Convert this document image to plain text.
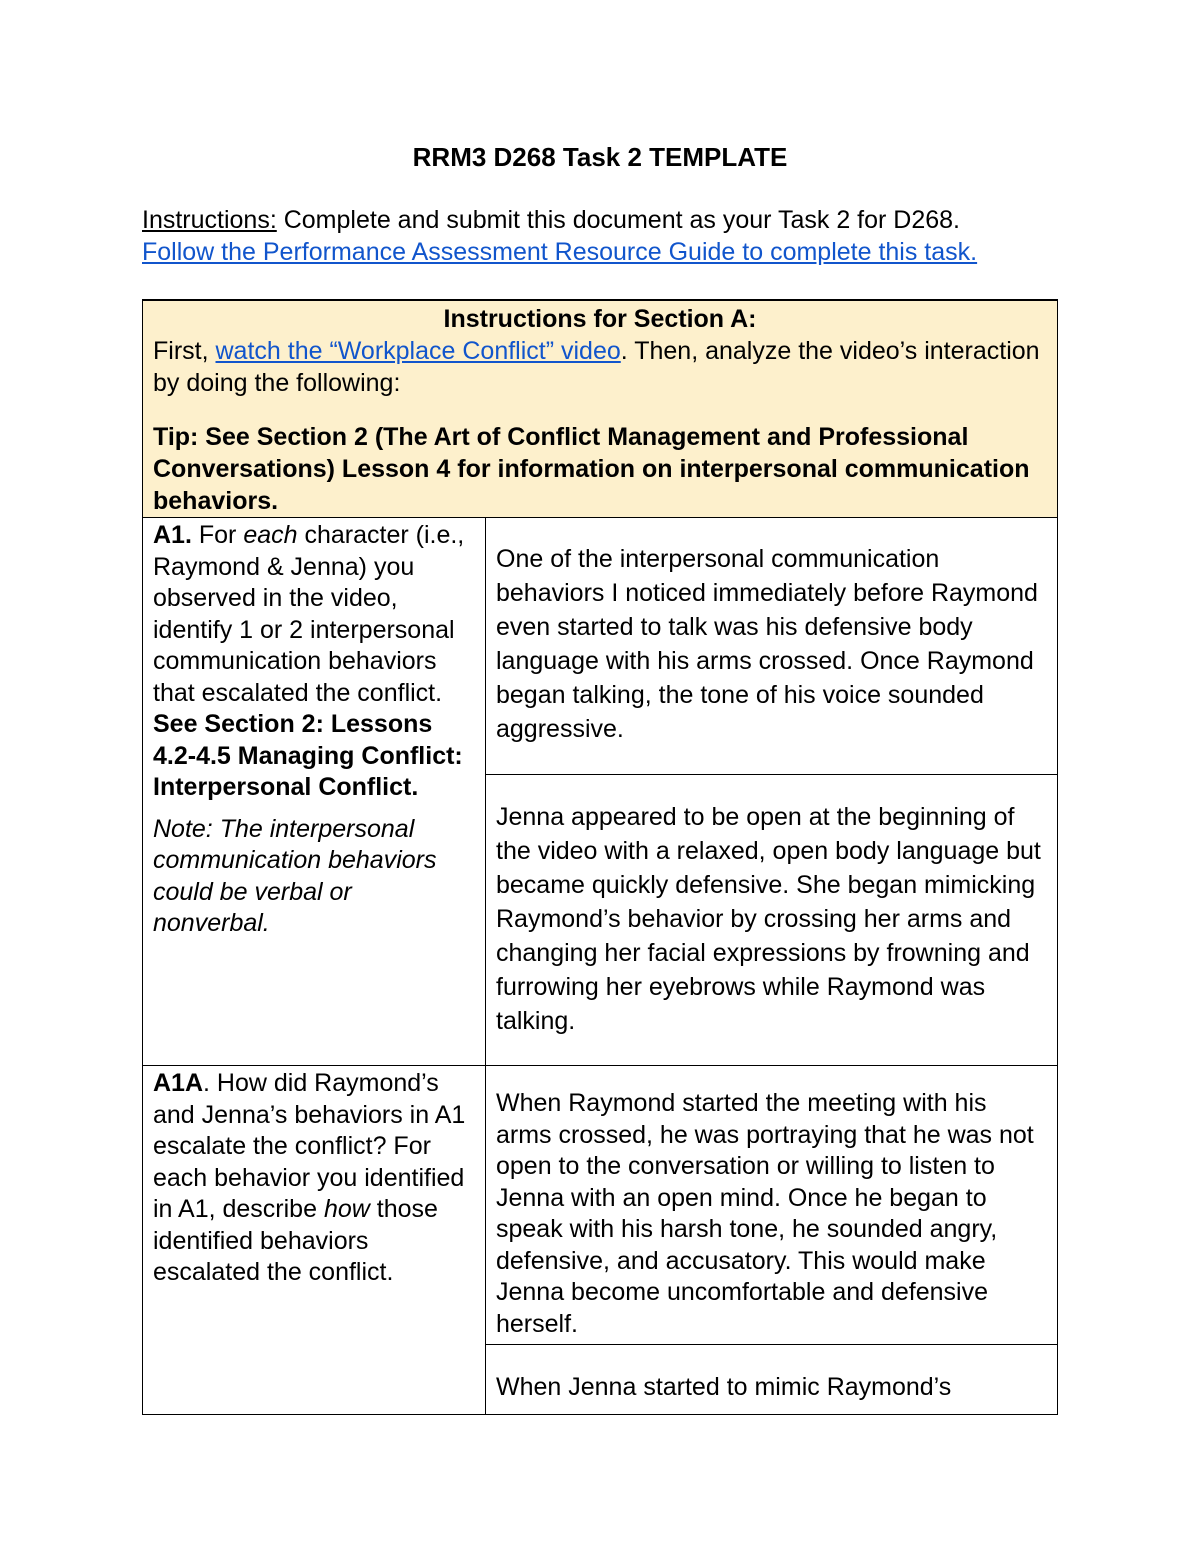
RRM3 D268 Task 2 TEMPLATE
Instructions: Complete and submit this document as your Task 2 for D268.
Follow the Performance Assessment Resource Guide to complete this task.
Instructions for Section A:
First, watch the “Workplace Conflict” video. Then, analyze the video’s interaction by doing the following:
Tip: See Section 2 (The Art of Conflict Management and Professional Conversations) Lesson 4 for information on interpersonal communication behaviors.
A1. For each character (i.e., Raymond & Jenna) you observed in the video, identify 1 or 2 interpersonal communication behaviors that escalated the conflict.
See Section 2: Lessons 4.2-4.5 Managing Conflict: Interpersonal Conflict.
Note: The interpersonal communication behaviors could be verbal or nonverbal.
One of the interpersonal communication behaviors I noticed immediately before Raymond even started to talk was his defensive body language with his arms crossed. Once Raymond began talking, the tone of his voice sounded aggressive.
Jenna appeared to be open at the beginning of the video with a relaxed, open body language but became quickly defensive. She began mimicking Raymond’s behavior by crossing her arms and changing her facial expressions by frowning and furrowing her eyebrows while Raymond was talking.
A1A. How did Raymond’s and Jenna’s behaviors in A1 escalate the conflict? For each behavior you identified in A1, describe how those identified behaviors escalated the conflict.
When Raymond started the meeting with his arms crossed, he was portraying that he was not open to the conversation or willing to listen to Jenna with an open mind. Once he began to speak with his harsh tone, he sounded angry, defensive, and accusatory. This would make Jenna become uncomfortable and defensive herself.
When Jenna started to mimic Raymond’s
